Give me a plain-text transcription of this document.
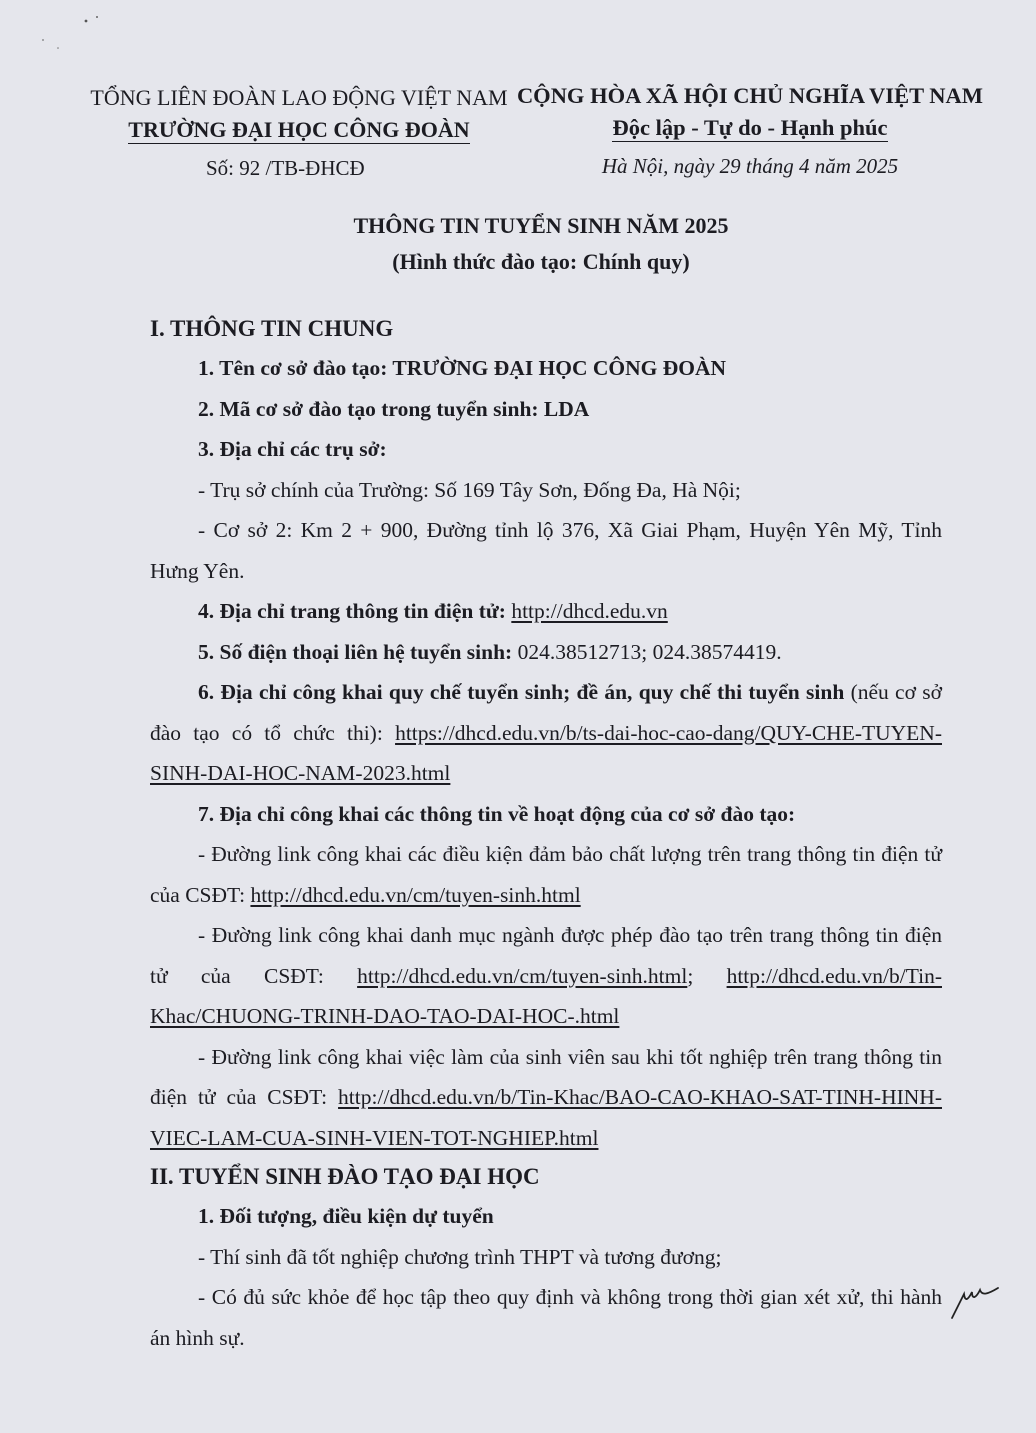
TỔNG LIÊN ĐOÀN LAO ĐỘNG VIỆT NAM
TRƯỜNG ĐẠI HỌC CÔNG ĐOÀN
Số: 92 /TB-ĐHCĐ
CỘNG HÒA XÃ HỘI CHỦ NGHĨA VIỆT NAM
Độc lập - Tự do - Hạnh phúc
Hà Nội, ngày 29 tháng 4 năm 2025
THÔNG TIN TUYỂN SINH NĂM 2025
(Hình thức đào tạo: Chính quy)

I. THÔNG TIN CHUNG

1. Tên cơ sở đào tạo: TRƯỜNG ĐẠI HỌC CÔNG ĐOÀN

2. Mã cơ sở đào tạo trong tuyển sinh: LDA

3. Địa chỉ các trụ sở:

- Trụ sở chính của Trường: Số 169 Tây Sơn, Đống Đa, Hà Nội;

- Cơ sở 2: Km 2 + 900, Đường tỉnh lộ 376, Xã Giai Phạm, Huyện Yên Mỹ, Tỉnh Hưng Yên.

4. Địa chỉ trang thông tin điện tử: http://dhcd.edu.vn

5. Số điện thoại liên hệ tuyển sinh: 024.38512713; 024.38574419.

6. Địa chỉ công khai quy chế tuyển sinh; đề án, quy chế thi tuyển sinh (nếu cơ sở đào tạo có tổ chức thi): https://dhcd.edu.vn/b/ts-dai-hoc-cao-dang/QUY-CHE-TUYEN-SINH-DAI-HOC-NAM-2023.html

7. Địa chỉ công khai các thông tin về hoạt động của cơ sở đào tạo:

- Đường link công khai các điều kiện đảm bảo chất lượng trên trang thông tin điện tử của CSĐT: http://dhcd.edu.vn/cm/tuyen-sinh.html

- Đường link công khai danh mục ngành được phép đào tạo trên trang thông tin điện tử của CSĐT: http://dhcd.edu.vn/cm/tuyen-sinh.html; http://dhcd.edu.vn/b/Tin-Khac/CHUONG-TRINH-DAO-TAO-DAI-HOC-.html

- Đường link công khai việc làm của sinh viên sau khi tốt nghiệp trên trang thông tin điện tử của CSĐT: http://dhcd.edu.vn/b/Tin-Khac/BAO-CAO-KHAO-SAT-TINH-HINH-VIEC-LAM-CUA-SINH-VIEN-TOT-NGHIEP.html

II. TUYỂN SINH ĐÀO TẠO ĐẠI HỌC

1. Đối tượng, điều kiện dự tuyển

- Thí sinh đã tốt nghiệp chương trình THPT và tương đương;

- Có đủ sức khỏe để học tập theo quy định và không trong thời gian xét xử, thi hành án hình sự.
